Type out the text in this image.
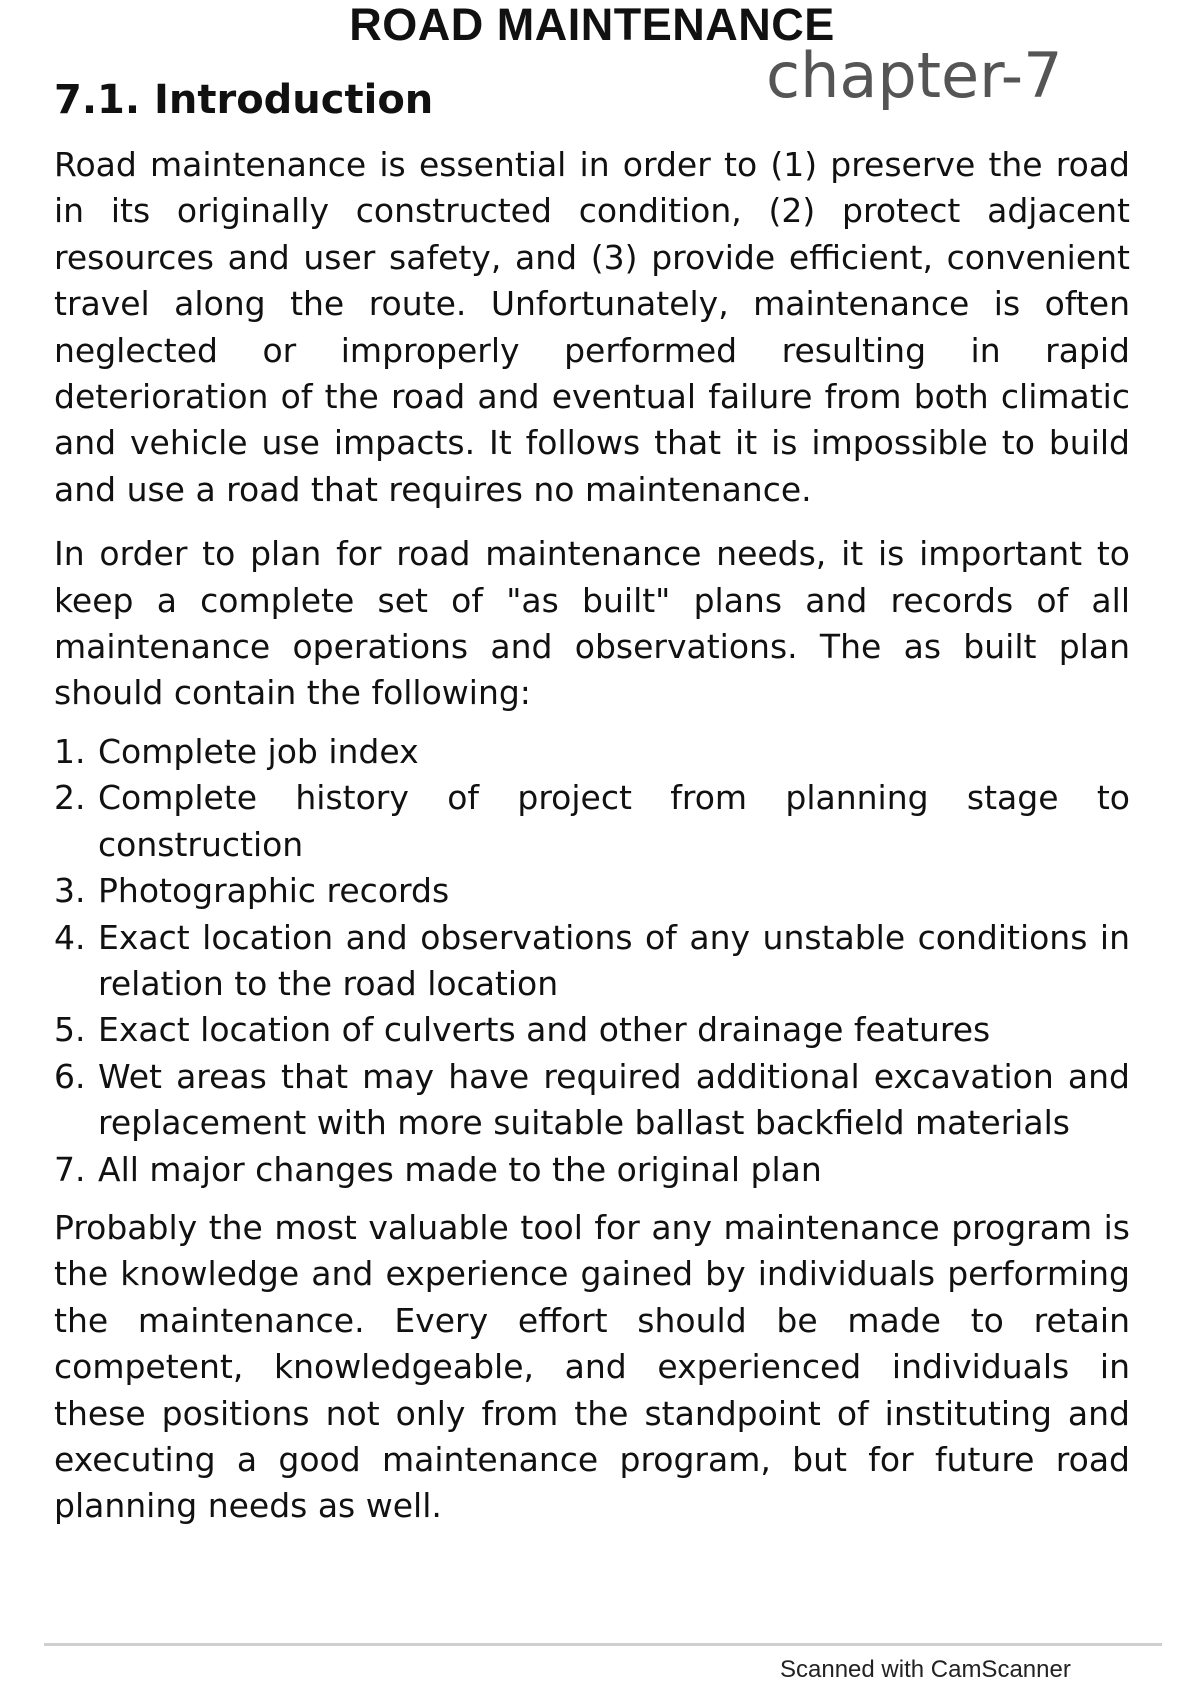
ROAD MAINTENANCE
chapter-7
7.1. Introduction

Road maintenance is essential in order to (1) preserve the road in its originally constructed condition, (2) protect adjacent resources and user safety, and (3) provide efficient, convenient travel along the route. Unfortunately, maintenance is often neglected or improperly performed resulting in rapid deterioration of the road and eventual failure from both climatic and vehicle use impacts. It follows that it is impossible to build and use a road that requires no maintenance.

In order to plan for road maintenance needs, it is important to keep a complete set of "as built" plans and records of all maintenance operations and observations. The as built plan should contain the following:

1. Complete job index
2. Complete history of project from planning stage to construction
3. Photographic records
4. Exact location and observations of any unstable conditions in relation to the road location
5. Exact location of culverts and other drainage features
6. Wet areas that may have required additional excavation and replacement with more suitable ballast backfield materials
7. All major changes made to the original plan

Probably the most valuable tool for any maintenance program is the knowledge and experience gained by individuals performing the maintenance. Every effort should be made to retain competent, knowledgeable, and experienced individuals in these positions not only from the standpoint of instituting and executing a good maintenance program, but for future road planning needs as well.

Scanned with CamScanner
